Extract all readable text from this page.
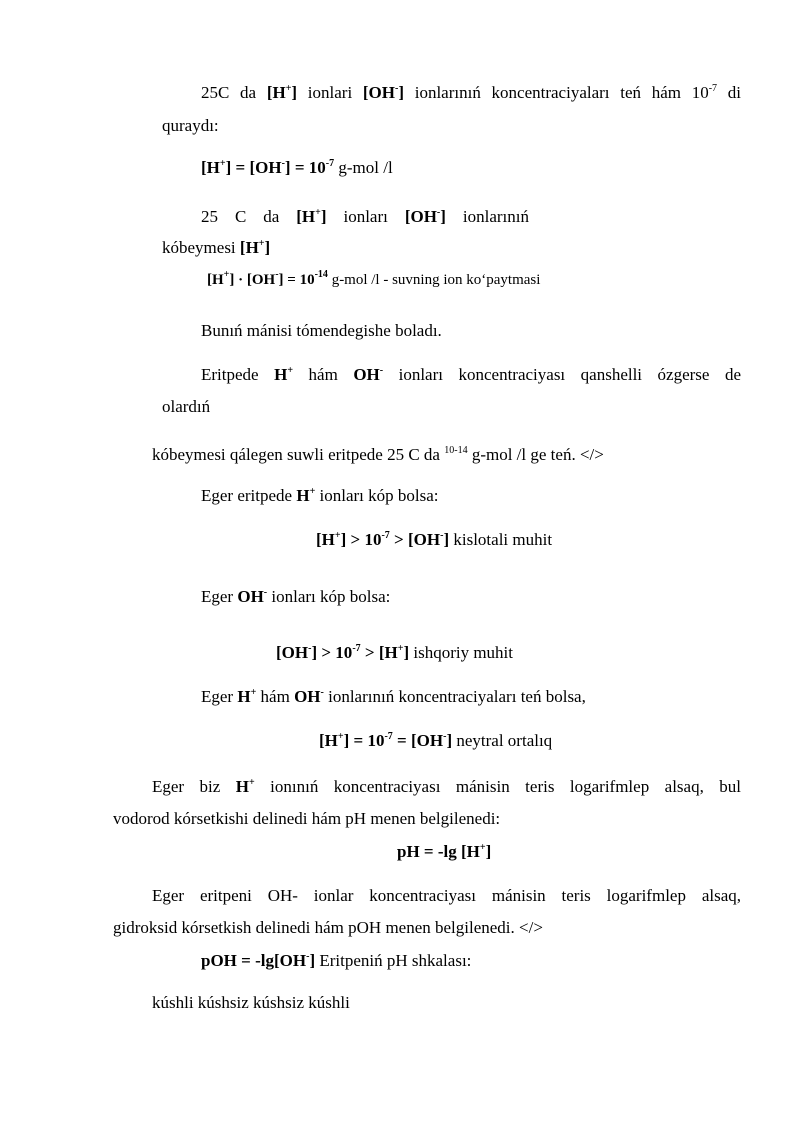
25C da [H+] ionlari [OH-] ionlarınıń koncentraciyaları teń hám $10^{-7}$ di
quraydı:
$[H^+] = [OH^-] = 10^{-7}$ g-mol /l
25 C da [H+] ionları [OH-] ionlarınıń
kóbeymesi [H+]
$[H^+] \cdot [OH^-] = 10^{-14}$ g-mol /l - suvning ion koʻpaytmasi
Bunıń mánisi tómendegishe boladı.
Eritpede H+ hám OH- ionları koncentraciyası qanshelli ózgerse de
olardıń
kóbeymesi qálegen suwli eritpede 25 C da $^{10-14}$ g-mol /l ge teń. </>
Eger eritpede H+ ionları kóp bolsa:
$[H^+] > 10^{-7} > [OH^-]$ kislotali muhit
Eger OH- ionları kóp bolsa:
$[OH^-] > 10^{-7} > [H^+]$ ishqoriy muhit
Eger H+ hám OH- ionlarınıń koncentraciyaları teń bolsa,
$[H^+] = 10^{-7} = [OH^-]$ neytral ortalıq
Eger biz H+ ionınıń koncentraciyası mánisin teris logarifmlep alsaq, bul
vodorod kórsetkishi delinedi hám pH menen belgilenedi:
pH = -lg [H+]
Eger eritpeni OH- ionlar koncentraciyası mánisin teris logarifmlep alsaq,
gidroksid kórsetkish delinedi hám pOH menen belgilenedi. </>
pOH = -lg[OH-] Eritpeniń pH shkalası:
kúshli kúshsiz kúshsiz kúshli
